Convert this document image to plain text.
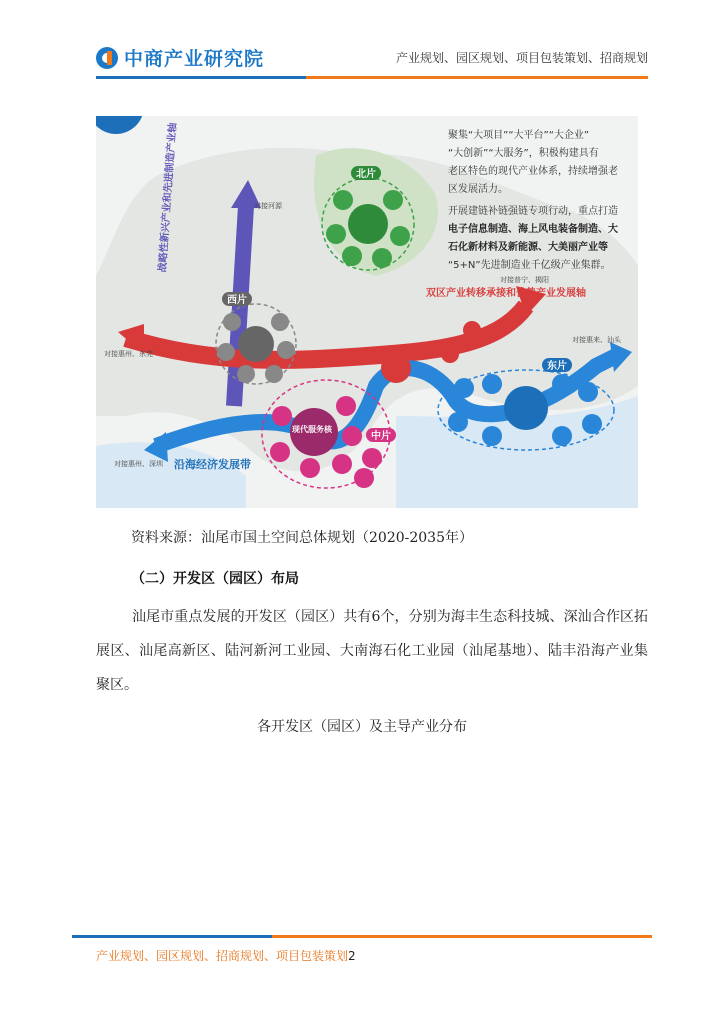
中商产业研究院	产业规划、园区规划、项目包装策划、招商规划
战略性新兴产业和先进制造产业轴
双区产业转移承接和优势产业发展轴
沿海经济发展带
北片
西片
中片
现代服务核
东片
对接河源
对接普宁、揭阳
对接惠州、东莞
对接惠来、汕头
对接惠州、深圳
聚集“大项目”“大平台”“大企业”
“大创新”“大服务”，积极构建具有
老区特色的现代产业体系，持续增强老
区发展活力。
开展建链补链强链专项行动，重点打造
电子信息制造、海上风电装备制造、大
石化新材料及新能源、大美丽产业等
“5+N”先进制造业千亿级产业集群。
资料来源：汕尾市国土空间总体规划（2020-2035年）
（二）开发区（园区）布局
汕尾市重点发展的开发区（园区）共有6个，分别为海丰生态科技城、深汕合作区拓展区、汕尾高新区、陆河新河工业园、大南海石化工业园（汕尾基地）、陆丰沿海产业集聚区。
各开发区（园区）及主导产业分布
产业规划、园区规划、招商规划、项目包装策划2
